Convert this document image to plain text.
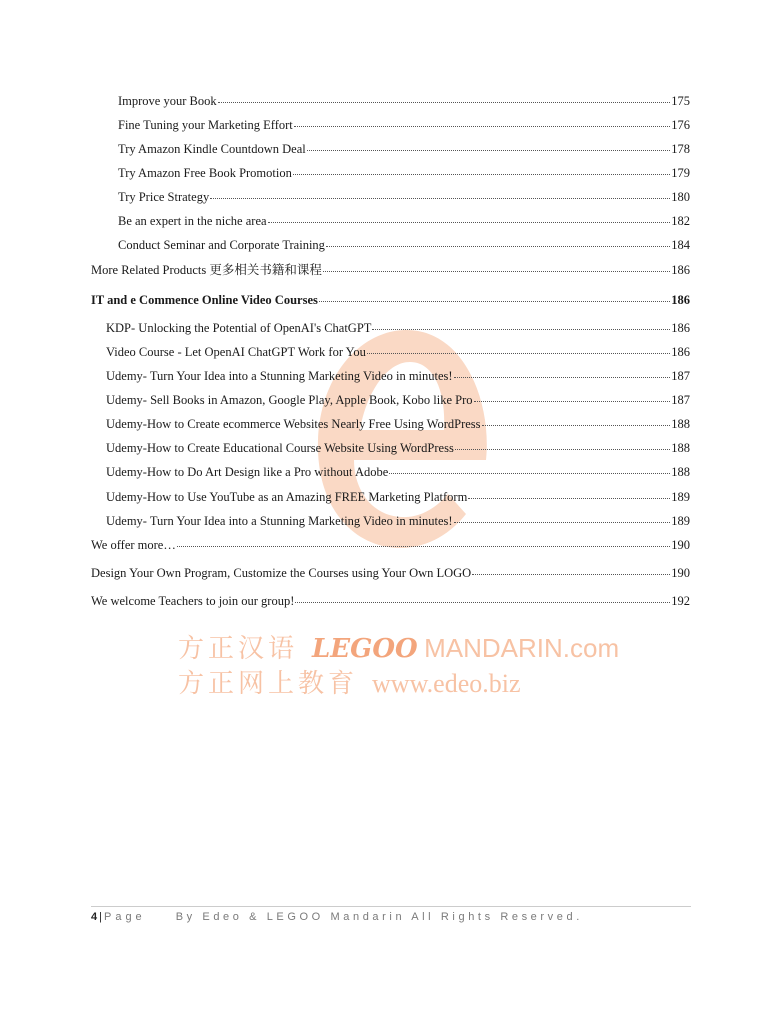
方正汉语 LEGOO MANDARIN.com
方正网上教育 www.edeo.biz
Improve your Book	175
Fine Tuning your Marketing Effort	176
Try Amazon Kindle Countdown Deal	178
Try Amazon Free Book Promotion	179
Try Price Strategy	180
Be an expert in the niche area	182
Conduct Seminar and Corporate Training	184
More Related Products 更多相关书籍和课程	186
IT and e Commence Online Video Courses	186
KDP- Unlocking the Potential of OpenAI's ChatGPT	186
Video Course - Let OpenAI ChatGPT Work for You	186
Udemy- Turn Your Idea into a Stunning Marketing Video in minutes!	187
Udemy- Sell Books in Amazon, Google Play, Apple Book, Kobo like Pro	187
Udemy-How to Create ecommerce Websites Nearly Free Using WordPress	188
Udemy-How to Create Educational Course Website Using WordPress	188
Udemy-How to Do Art Design like a Pro without Adobe	188
Udemy-How to Use YouTube as an Amazing FREE Marketing Platform	189
Udemy- Turn Your Idea into a Stunning Marketing Video in minutes!	189
We offer more…	190
Design Your Own Program, Customize the Courses using Your Own LOGO	190
We welcome Teachers to join our group!	192
4 | Page	By Edeo & LEGOO Mandarin All Rights Reserved.
